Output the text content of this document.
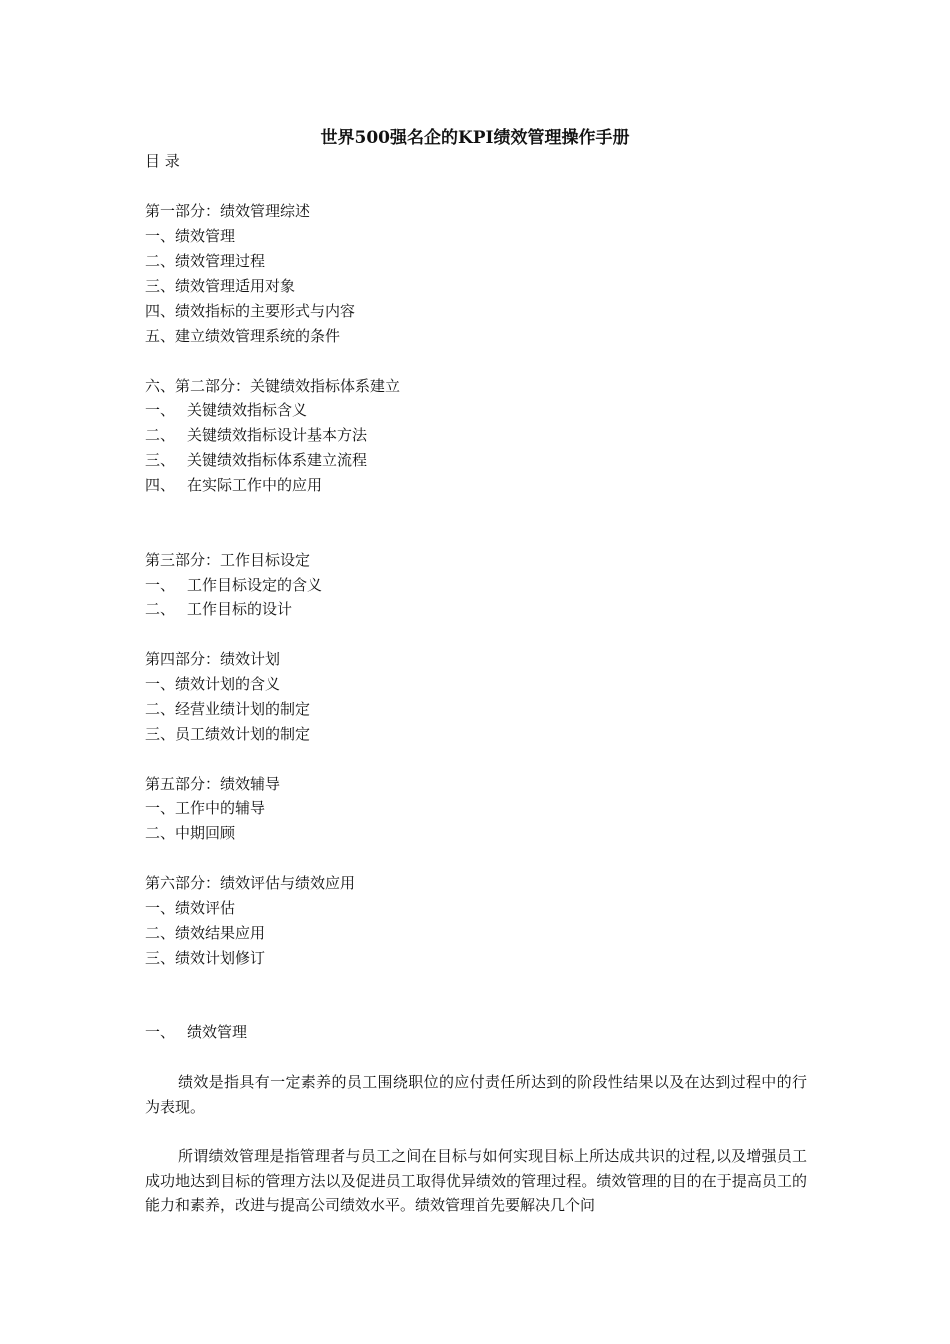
世界500强名企的KPI绩效管理操作手册

目 录

第一部分：绩效管理综述

一、绩效管理

二、绩效管理过程

三、绩效管理适用对象

四、绩效指标的主要形式与内容

五、建立绩效管理系统的条件

六、第二部分：关键绩效指标体系建立

一、 关键绩效指标含义

二、 关键绩效指标设计基本方法

三、 关键绩效指标体系建立流程

四、 在实际工作中的应用

第三部分：工作目标设定

一、 工作目标设定的含义

二、 工作目标的设计

第四部分：绩效计划

一、绩效计划的含义

二、经营业绩计划的制定

三、员工绩效计划的制定

第五部分：绩效辅导

一、工作中的辅导

二、中期回顾

第六部分：绩效评估与绩效应用

一、绩效评估

二、绩效结果应用

三、绩效计划修订

一、 绩效管理

绩效是指具有一定素养的员工围绕职位的应付责任所达到的阶段性结果以及在达到过程中的行为表现。

所谓绩效管理是指管理者与员工之间在目标与如何实现目标上所达成共识的过程,以及增强员工成功地达到目标的管理方法以及促进员工取得优异绩效的管理过程。绩效管理的目的在于提高员工的能力和素养，改进与提高公司绩效水平。绩效管理首先要解决几个问
